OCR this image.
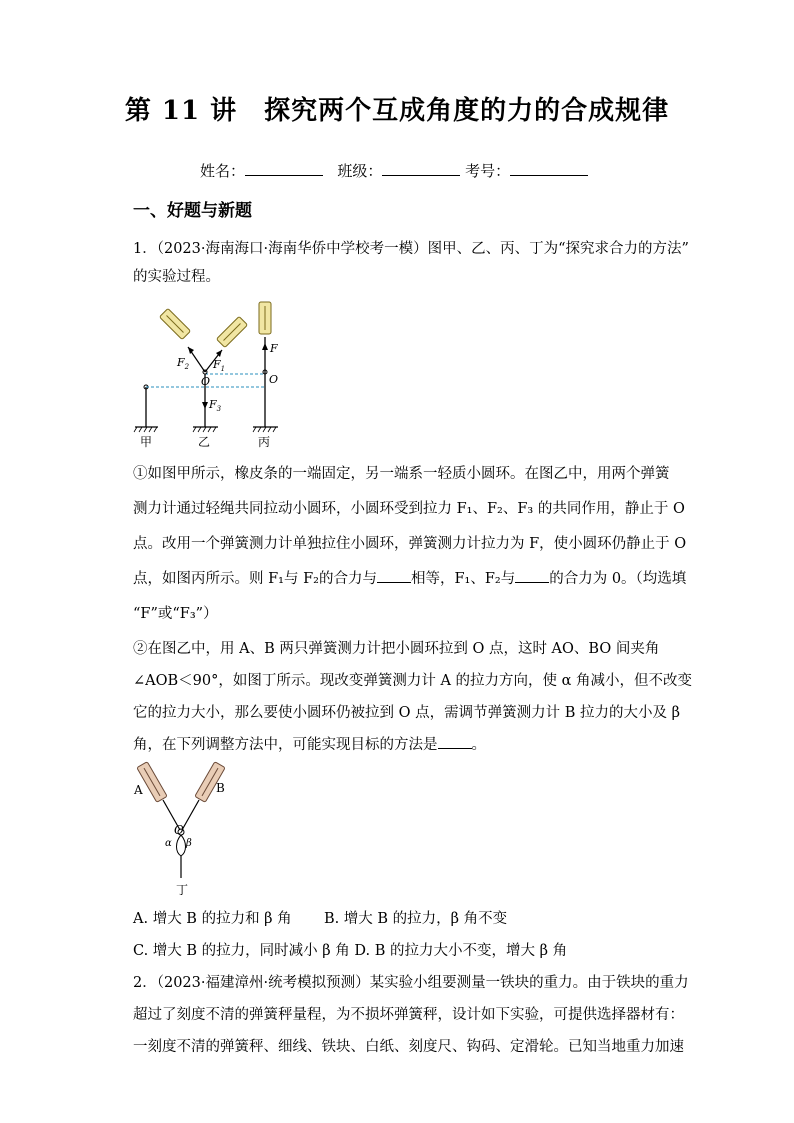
第 11 讲　探究两个互成角度的力的合成规律
姓名：	班级：	考号：
一、好题与新题
1．（2023·海南海口·海南华侨中学校考一模）图甲、乙、丙、丁为“探究求合力的方法”
的实验过程。
$F_2$ $F_1$
O
$F_3$
F
O
甲	乙	丙
①如图甲所示，橡皮条的一端固定，另一端系一轻质小圆环。在图乙中，用两个弹簧
测力计通过轻绳共同拉动小圆环，小圆环受到拉力 F₁、F₂、F₃ 的共同作用，静止于 O
点。改用一个弹簧测力计单独拉住小圆环，弹簧测力计拉力为 F，使小圆环仍静止于 O
点，如图丙所示。则 F₁与 F₂的合力与 相等，F₁、F₂与 的合力为 0。（均选填
“F”或“F₃”）
②在图乙中，用 A、B 两只弹簧测力计把小圆环拉到 O 点，这时 AO、BO 间夹角
∠AOB＜90°，如图丁所示。现改变弹簧测力计 A 的拉力方向，使 α 角减小，但不改变
它的拉力大小，那么要使小圆环仍被拉到 O 点，需调节弹簧测力计 B 拉力的大小及 β
角，在下列调整方法中，可能实现目标的方法是 。
A	B
O
α β
丁
A. 增大 B 的拉力和 β 角 B. 增大 B 的拉力，β 角不变
C. 增大 B 的拉力，同时减小 β 角 D. B 的拉力大小不变，增大 β 角
2．（2023·福建漳州·统考模拟预测）某实验小组要测量一铁块的重力。由于铁块的重力
超过了刻度不清的弹簧秤量程，为不损坏弹簧秤，设计如下实验，可提供选择器材有：
一刻度不清的弹簧秤、细线、铁块、白纸、刻度尺、钩码、定滑轮。已知当地重力加速
